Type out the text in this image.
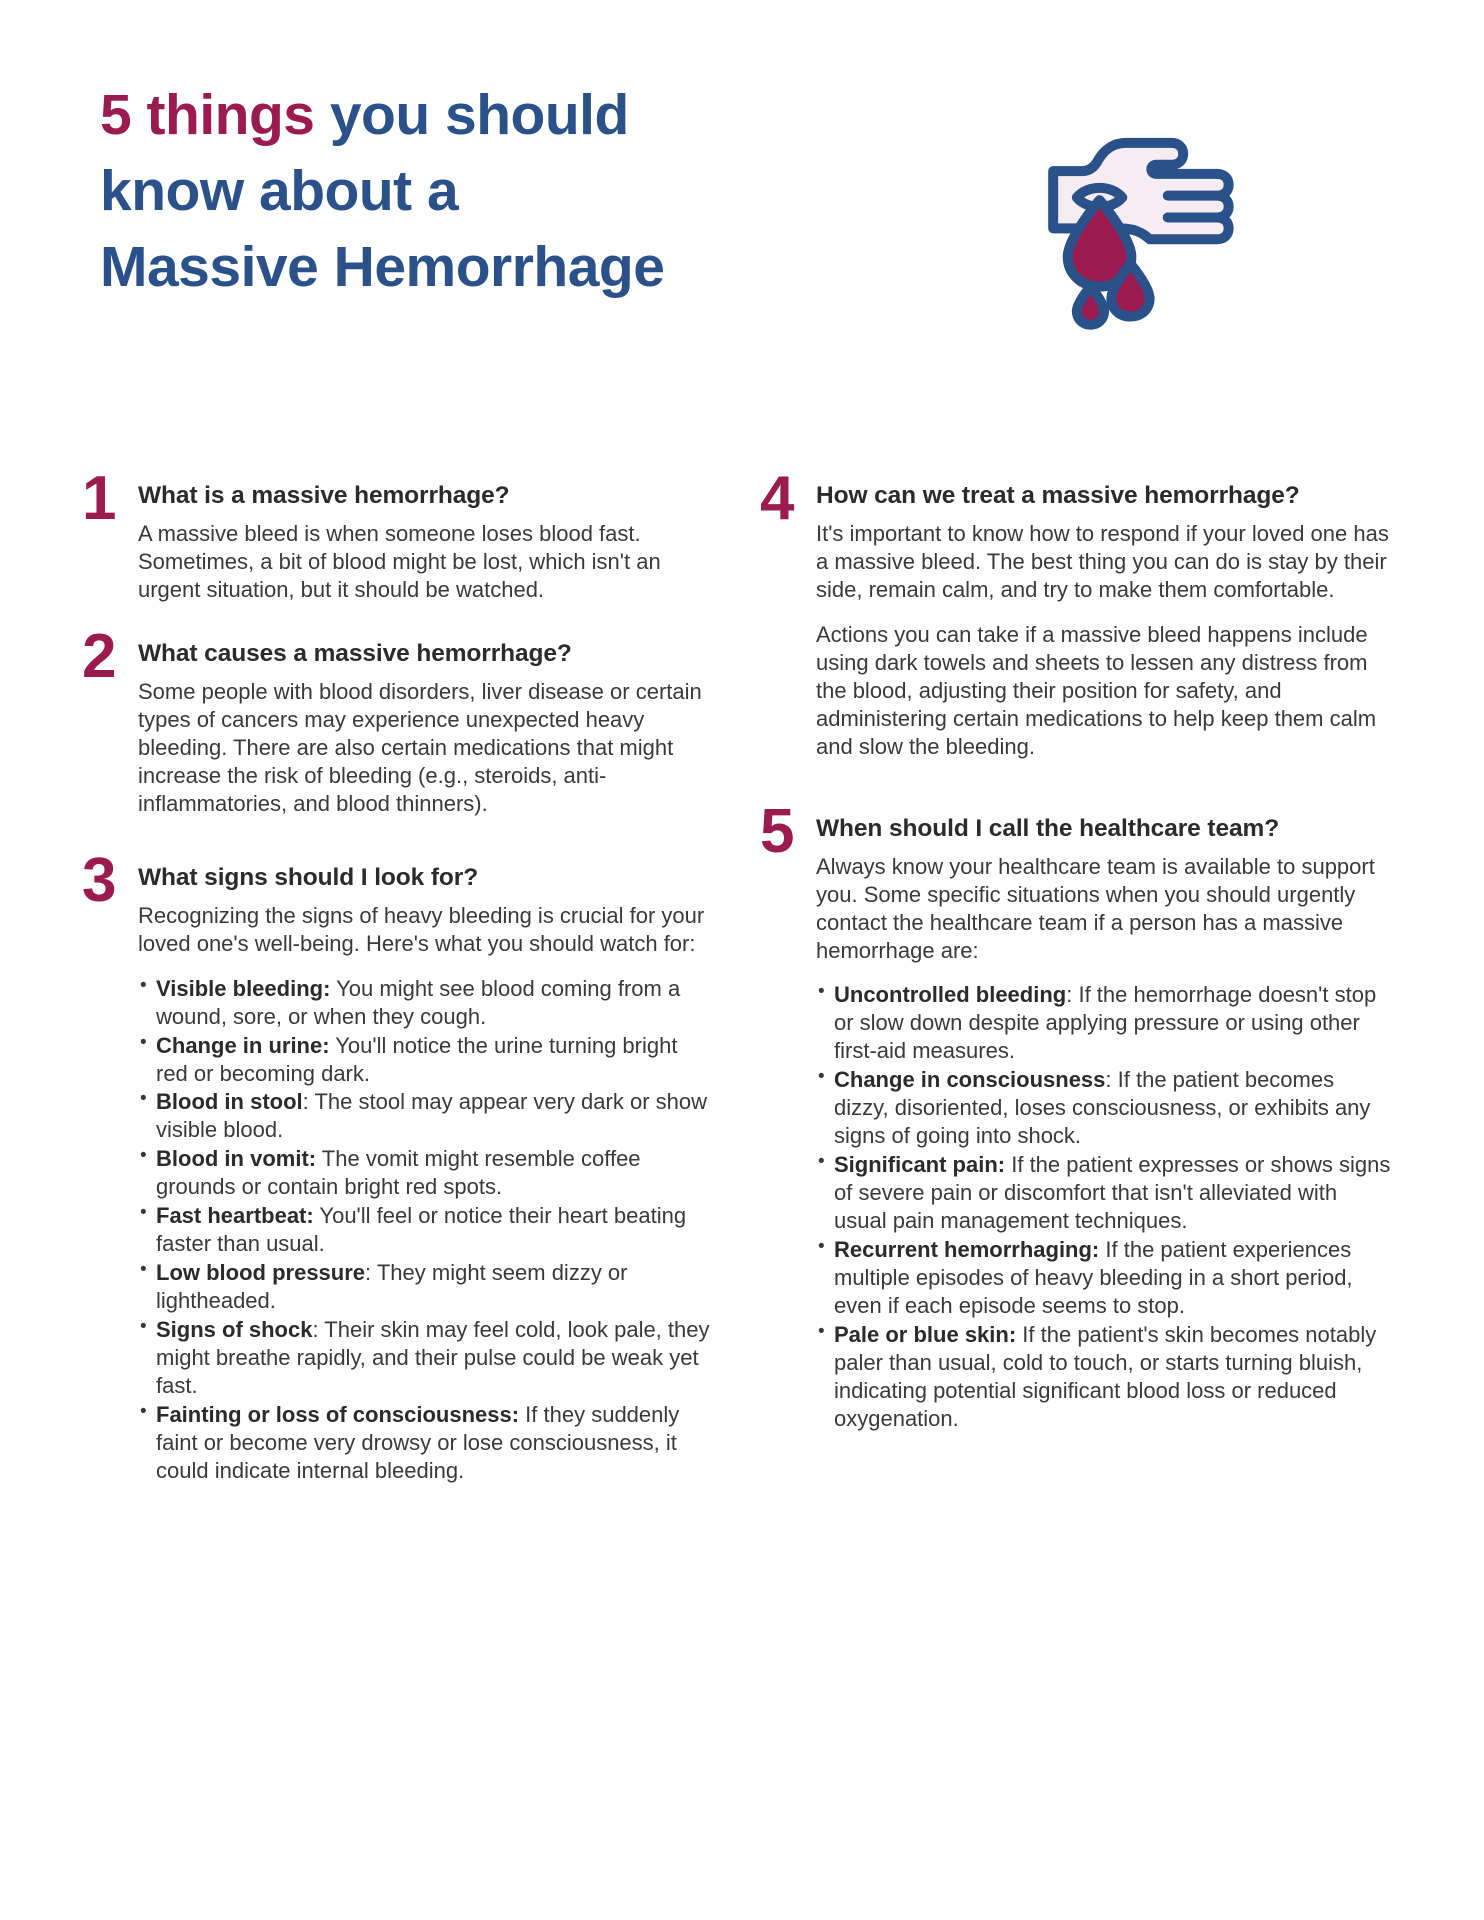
5 things you should
know about a
Massive Hemorrhage
1 What is a massive hemorrhage?

A massive bleed is when someone loses blood fast. Sometimes, a bit of blood might be lost, which isn't an urgent situation, but it should be watched.

2 What causes a massive hemorrhage?

Some people with blood disorders, liver disease or certain types of cancers may experience unexpected heavy bleeding. There are also certain medications that might increase the risk of bleeding (e.g., steroids, anti-inflammatories, and blood thinners).

3 What signs should I look for?

Recognizing the signs of heavy bleeding is crucial for your loved one's well-being. Here's what you should watch for:

• Visible bleeding: You might see blood coming from a wound, sore, or when they cough.
• Change in urine: You'll notice the urine turning bright red or becoming dark.
• Blood in stool: The stool may appear very dark or show visible blood.
• Blood in vomit: The vomit might resemble coffee grounds or contain bright red spots.
• Fast heartbeat: You'll feel or notice their heart beating faster than usual.
• Low blood pressure: They might seem dizzy or lightheaded.
• Signs of shock: Their skin may feel cold, look pale, they might breathe rapidly, and their pulse could be weak yet fast.
• Fainting or loss of consciousness: If they suddenly faint or become very drowsy or lose consciousness, it could indicate internal bleeding.
4 How can we treat a massive hemorrhage?

It's important to know how to respond if your loved one has a massive bleed. The best thing you can do is stay by their side, remain calm, and try to make them comfortable.

Actions you can take if a massive bleed happens include using dark towels and sheets to lessen any distress from the blood, adjusting their position for safety, and administering certain medications to help keep them calm and slow the bleeding.

5 When should I call the healthcare team?

Always know your healthcare team is available to support you. Some specific situations when you should urgently contact the healthcare team if a person has a massive hemorrhage are:

• Uncontrolled bleeding: If the hemorrhage doesn't stop or slow down despite applying pressure or using other first-aid measures.
• Change in consciousness: If the patient becomes dizzy, disoriented, loses consciousness, or exhibits any signs of going into shock.
• Significant pain: If the patient expresses or shows signs of severe pain or discomfort that isn't alleviated with usual pain management techniques.
• Recurrent hemorrhaging: If the patient experiences multiple episodes of heavy bleeding in a short period, even if each episode seems to stop.
• Pale or blue skin: If the patient's skin becomes notably paler than usual, cold to touch, or starts turning bluish, indicating potential significant blood loss or reduced oxygenation.
